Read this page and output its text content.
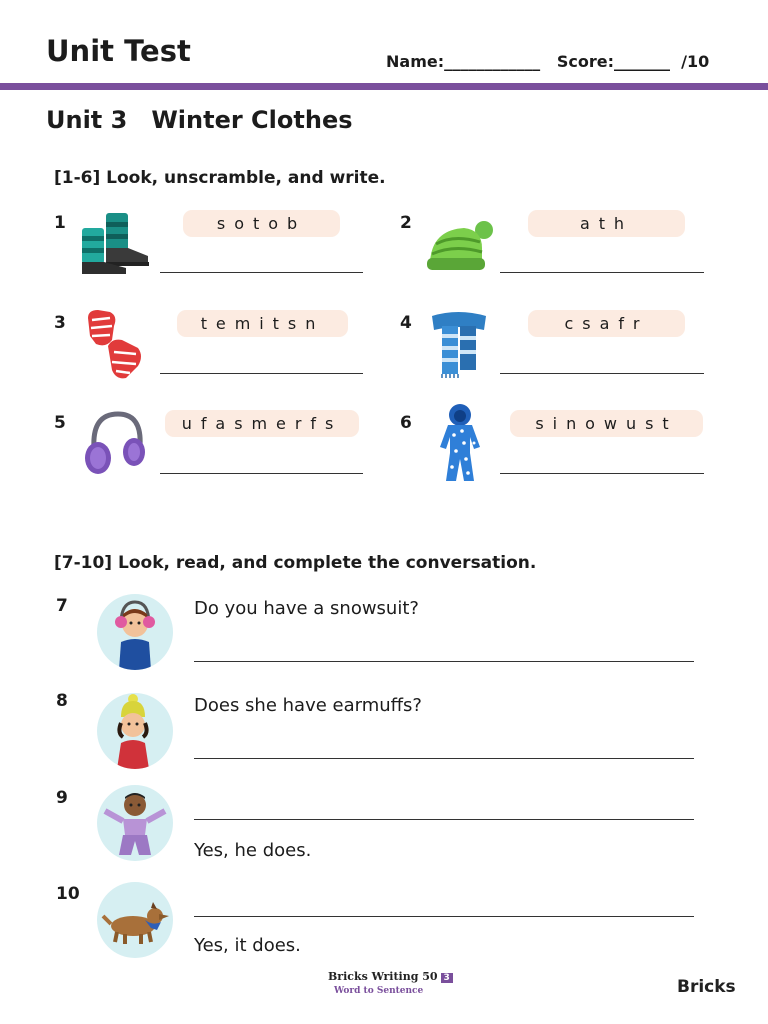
Unit Test	Name:____________   Score:_______  /10
Unit 3 Winter Clothes
[1-6] Look, unscramble, and write.
1	sotob	2	ath
3	temitsn	4	csafr
5	ufasmerfs	6	sinowust
[7-10] Look, read, and complete the conversation.
7	Do you have a snowsuit?
8	Does she have earmuffs?
9
Yes, he does.
10
Yes, it does.
Bricks Writing 50 3
Word to Sentence	Bricks
